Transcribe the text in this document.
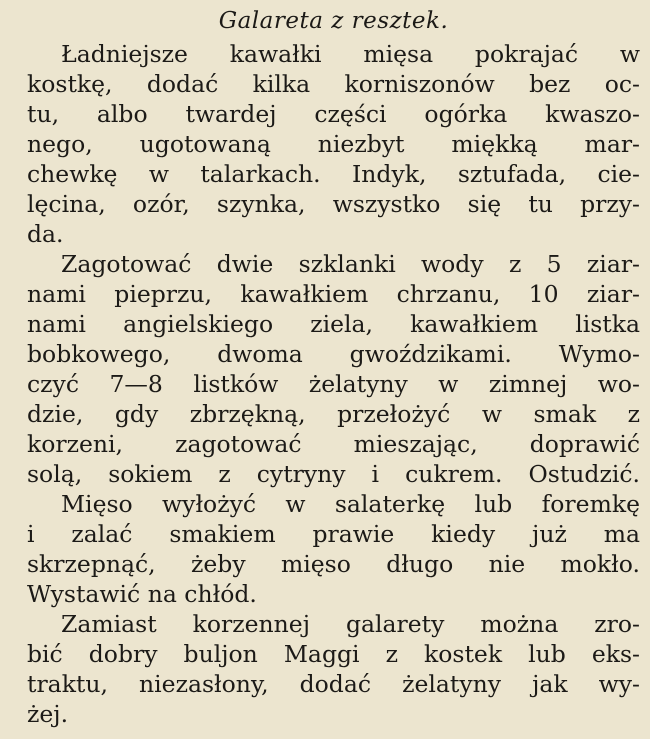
Galareta z resztek.
Ładniejsze kawałki mięsa pokrajać w
kostkę, dodać kilka korniszonów bez oc-
tu, albo twardej części ogórka kwaszo-
nego, ugotowaną niezbyt miękką mar-
chewkę w talarkach. Indyk, sztufada, cie-
lęcina, ozór, szynka, wszystko się tu przy-
da.
Zagotować dwie szklanki wody z 5 ziar-
nami pieprzu, kawałkiem chrzanu, 10 ziar-
nami angielskiego ziela, kawałkiem listka
bobkowego, dwoma gwoździkami. Wymo-
czyć 7—8 listków żelatyny w zimnej wo-
dzie, gdy zbrzękną, przełożyć w smak z
korzeni, zagotować mieszając, doprawić
solą, sokiem z cytryny i cukrem. Ostudzić.
Mięso wyłożyć w salaterkę lub foremkę
i zalać smakiem prawie kiedy już ma
skrzepnąć, żeby mięso długo nie mokło.
Wystawić na chłód.
Zamiast korzennej galarety można zro-
bić dobry buljon Maggi z kostek lub eks-
traktu, niezasłony, dodać żelatyny jak wy-
żej.
